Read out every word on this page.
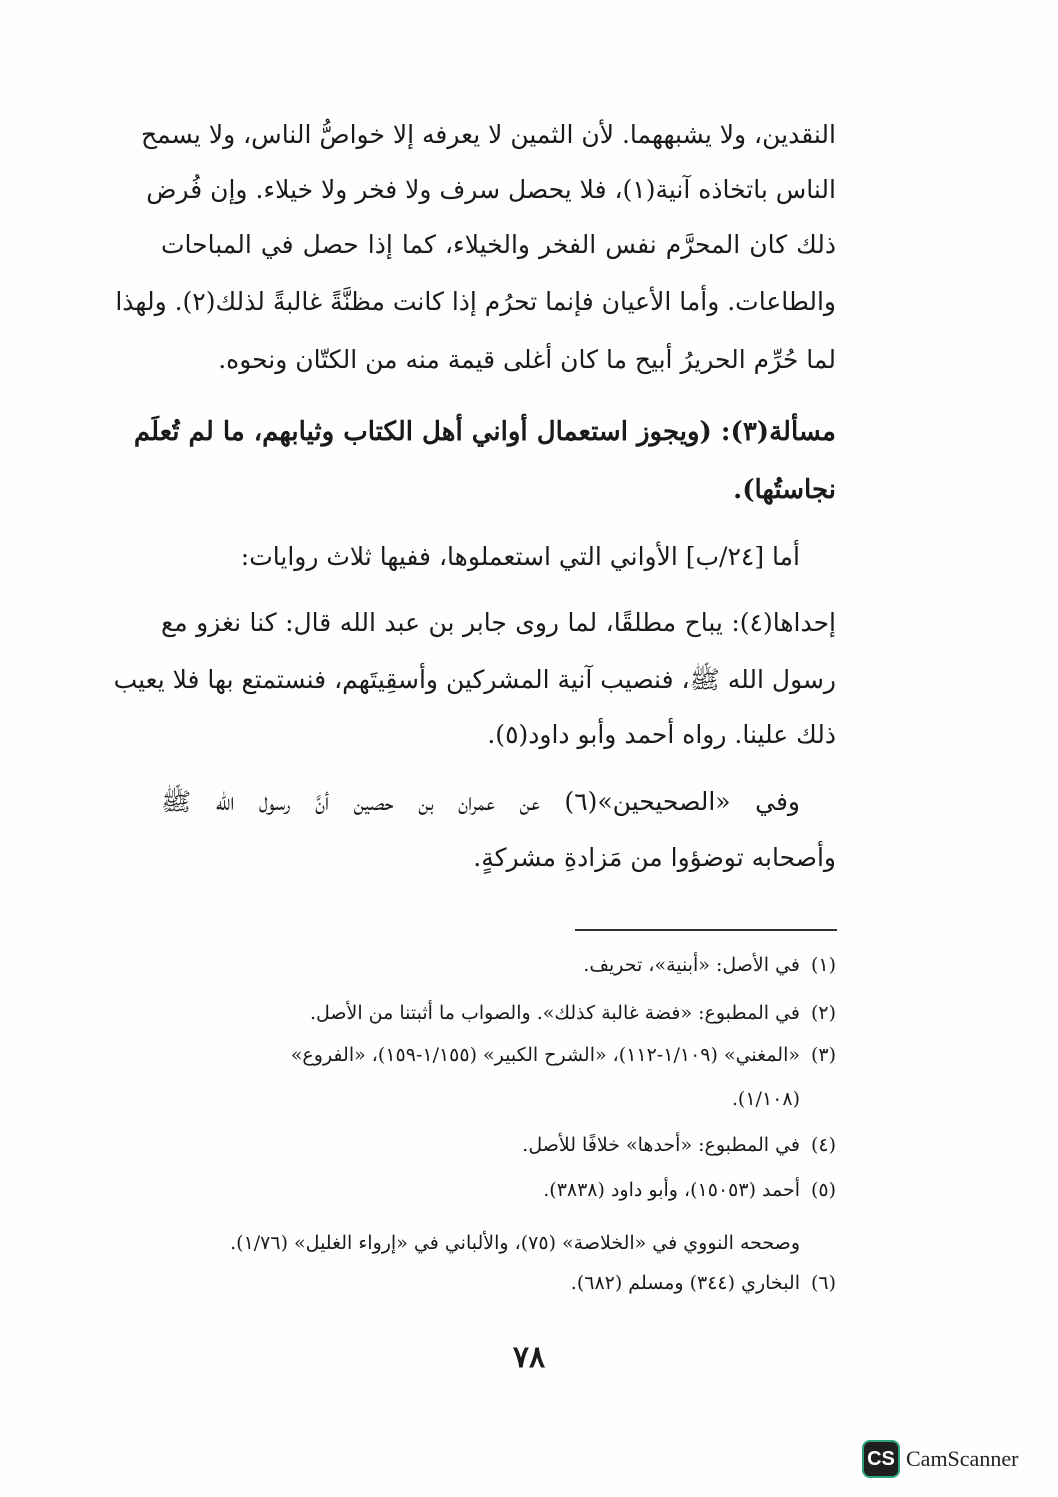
النقدين، ولا يشبههما. لأن الثمين لا يعرفه إلا خواصُّ الناس، ولا يسمح
الناس باتخاذه آنية(١)، فلا يحصل سرف ولا فخر ولا خيلاء. وإن فُرض
ذلك كان المحرَّم نفس الفخر والخيلاء، كما إذا حصل في المباحات
والطاعات. وأما الأعيان فإنما تحرُم إذا كانت مظنَّةً غالبةً لذلك(٢). ولهذا
لما حُرِّم الحريرُ أبيح ما كان أغلى قيمة منه من الكتّان ونحوه.
مسألة(٣): (ويجوز استعمال أواني أهل الكتاب وثيابهم، ما لم تُعلَم
نجاستُها).
أما [٢٤/ب] الأواني التي استعملوها، ففيها ثلاث روايات:
إحداها(٤): يباح مطلقًا، لما روى جابر بن عبد الله قال: كنا نغزو مع
رسول الله ﷺ، فنصيب آنية المشركين وأسقِيتَهم، فنستمتع بها فلا يعيب
ذلك علينا. رواه أحمد وأبو داود(٥).
وفي «الصحيحين»(٦) عن عمران بن حصين أنَّ رسول الله ﷺ
وأصحابه توضؤوا من مَزادةِ مشركةٍ.
(١)في الأصل: «أبنية»، تحريف.
(٢)في المطبوع: «فضة غالبة كذلك». والصواب ما أثبتنا من الأصل.
(٣)«المغني» (١/١٠٩-١١٢)، «الشرح الكبير» (١/١٥٥-١٥٩)، «الفروع»
(١/١٠٨).
(٤)في المطبوع: «أحدها» خلافًا للأصل.
(٥)أحمد (١٥٠٥٣)، وأبو داود (٣٨٣٨).
وصححه النووي في «الخلاصة» (٧٥)، والألباني في «إرواء الغليل» (١/٧٦).
(٦)البخاري (٣٤٤) ومسلم (٦٨٢).
٧٨
CS CamScanner
